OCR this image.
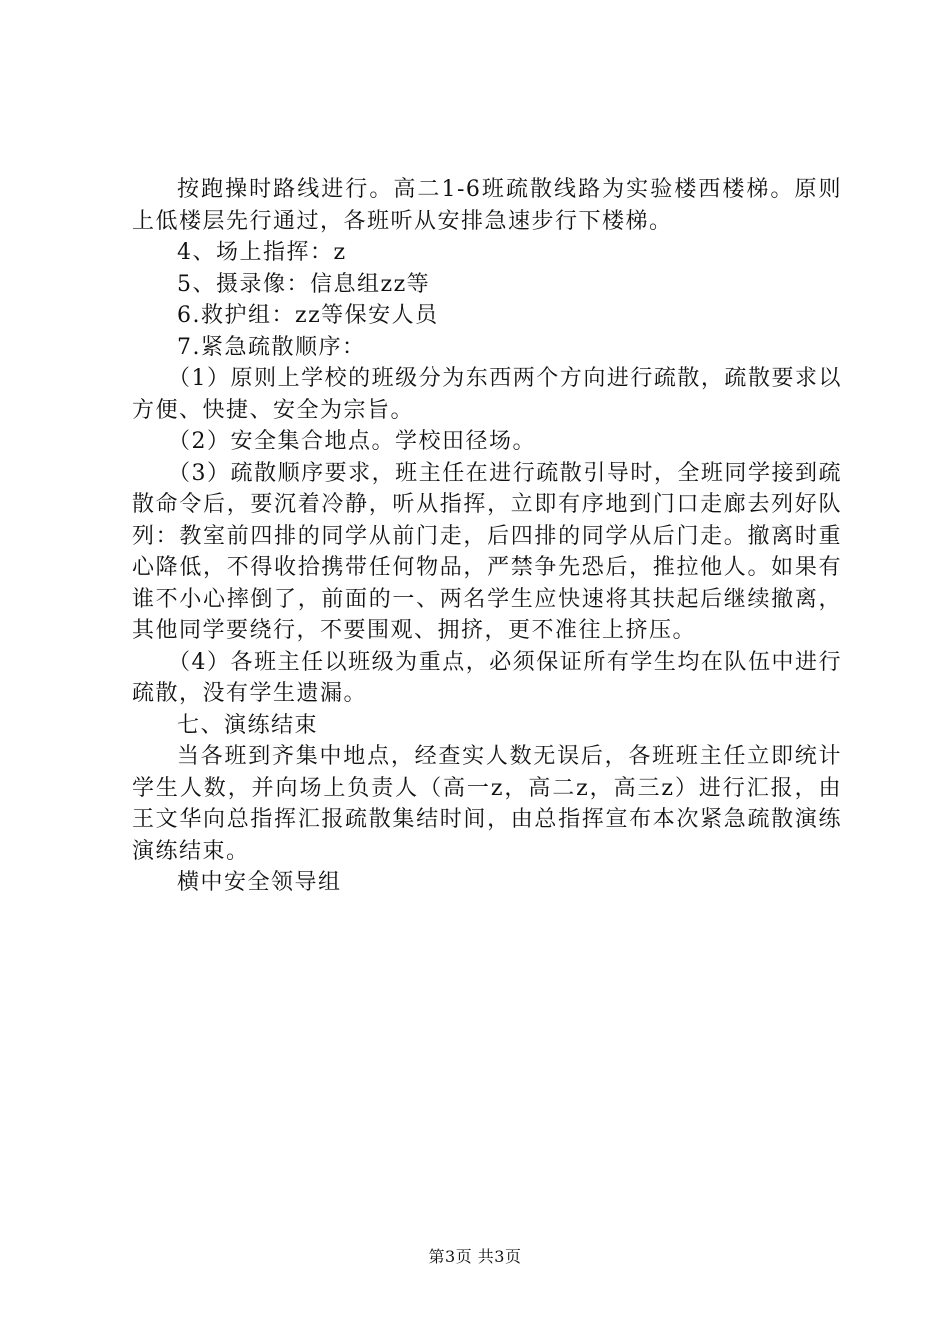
按跑操时路线进行。高二1-6班疏散线路为实验楼西楼梯。原则上低楼层先行通过，各班听从安排急速步行下楼梯。

4、场上指挥：z

5、摄录像：信息组zz等

6.救护组：zz等保安人员

7.紧急疏散顺序：

（1）原则上学校的班级分为东西两个方向进行疏散，疏散要求以方便、快捷、安全为宗旨。

（2）安全集合地点。学校田径场。

（3）疏散顺序要求，班主任在进行疏散引导时，全班同学接到疏散命令后，要沉着冷静，听从指挥，立即有序地到门口走廊去列好队列：教室前四排的同学从前门走，后四排的同学从后门走。撤离时重心降低，不得收拾携带任何物品，严禁争先恐后，推拉他人。如果有谁不小心摔倒了，前面的一、两名学生应快速将其扶起后继续撤离，其他同学要绕行，不要围观、拥挤，更不准往上挤压。

（4）各班主任以班级为重点，必须保证所有学生均在队伍中进行疏散，没有学生遗漏。

七、演练结束

当各班到齐集中地点，经查实人数无误后，各班班主任立即统计学生人数，并向场上负责人（高一z，高二z，高三z）进行汇报，由王文华向总指挥汇报疏散集结时间，由总指挥宣布本次紧急疏散演练演练结束。

横中安全领导组

第3页 共3页
